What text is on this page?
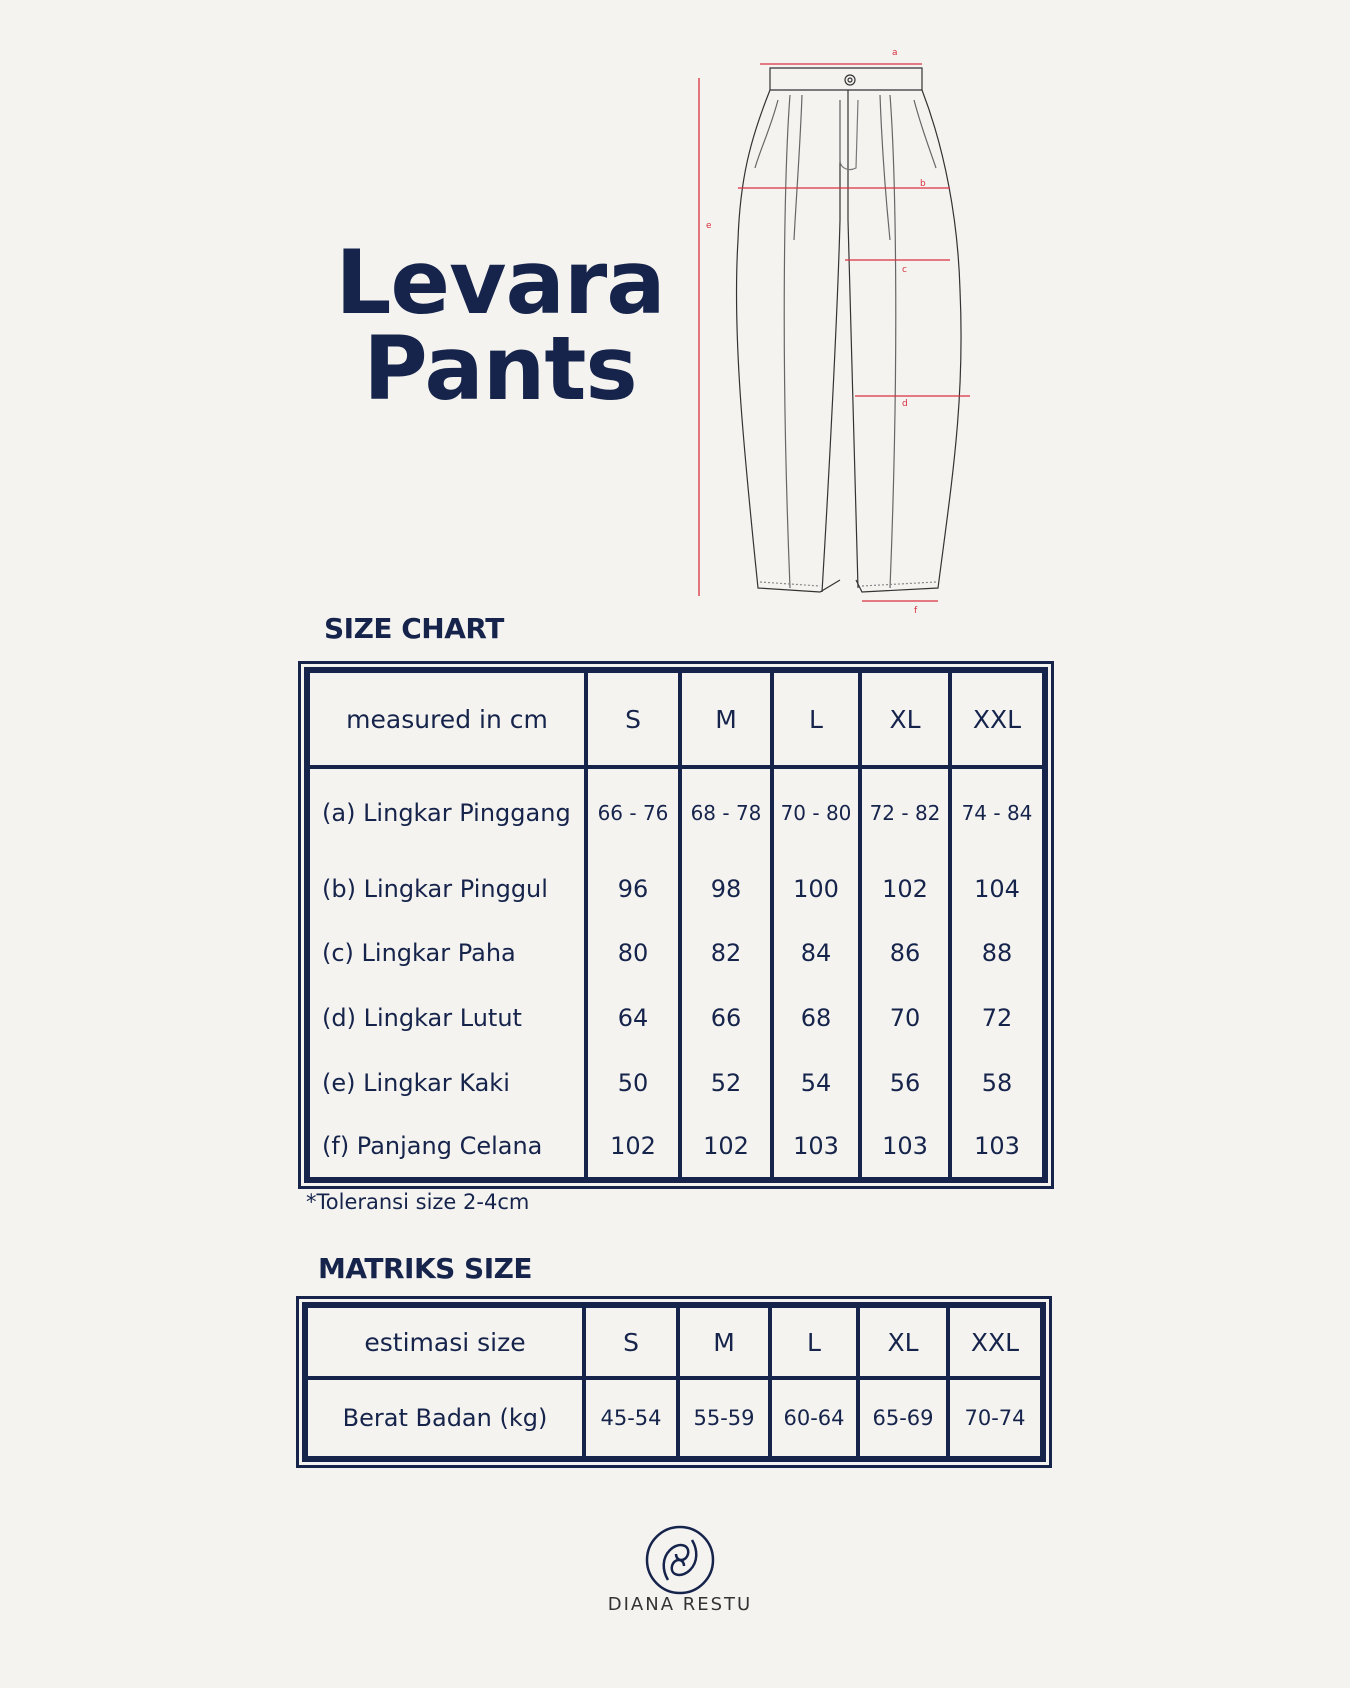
Levara
Pants
a
b
c
d
e
f
SIZE CHART
measured in cm	S	M	L	XL	XXL
(a) Lingkar Pinggang	66 - 76	68 - 78	70 - 80	72 - 82	74 - 84
(b) Lingkar Pinggul	96	98	100	102	104
(c) Lingkar Paha	80	82	84	86	88
(d) Lingkar Lutut	64	66	68	70	72
(e) Lingkar Kaki	50	52	54	56	58
(f) Panjang Celana	102	102	103	103	103
*Toleransi size 2-4cm
MATRIKS SIZE
estimasi size	S	M	L	XL	XXL
Berat Badan (kg)	45-54	55-59	60-64	65-69	70-74
DIANA RESTU
